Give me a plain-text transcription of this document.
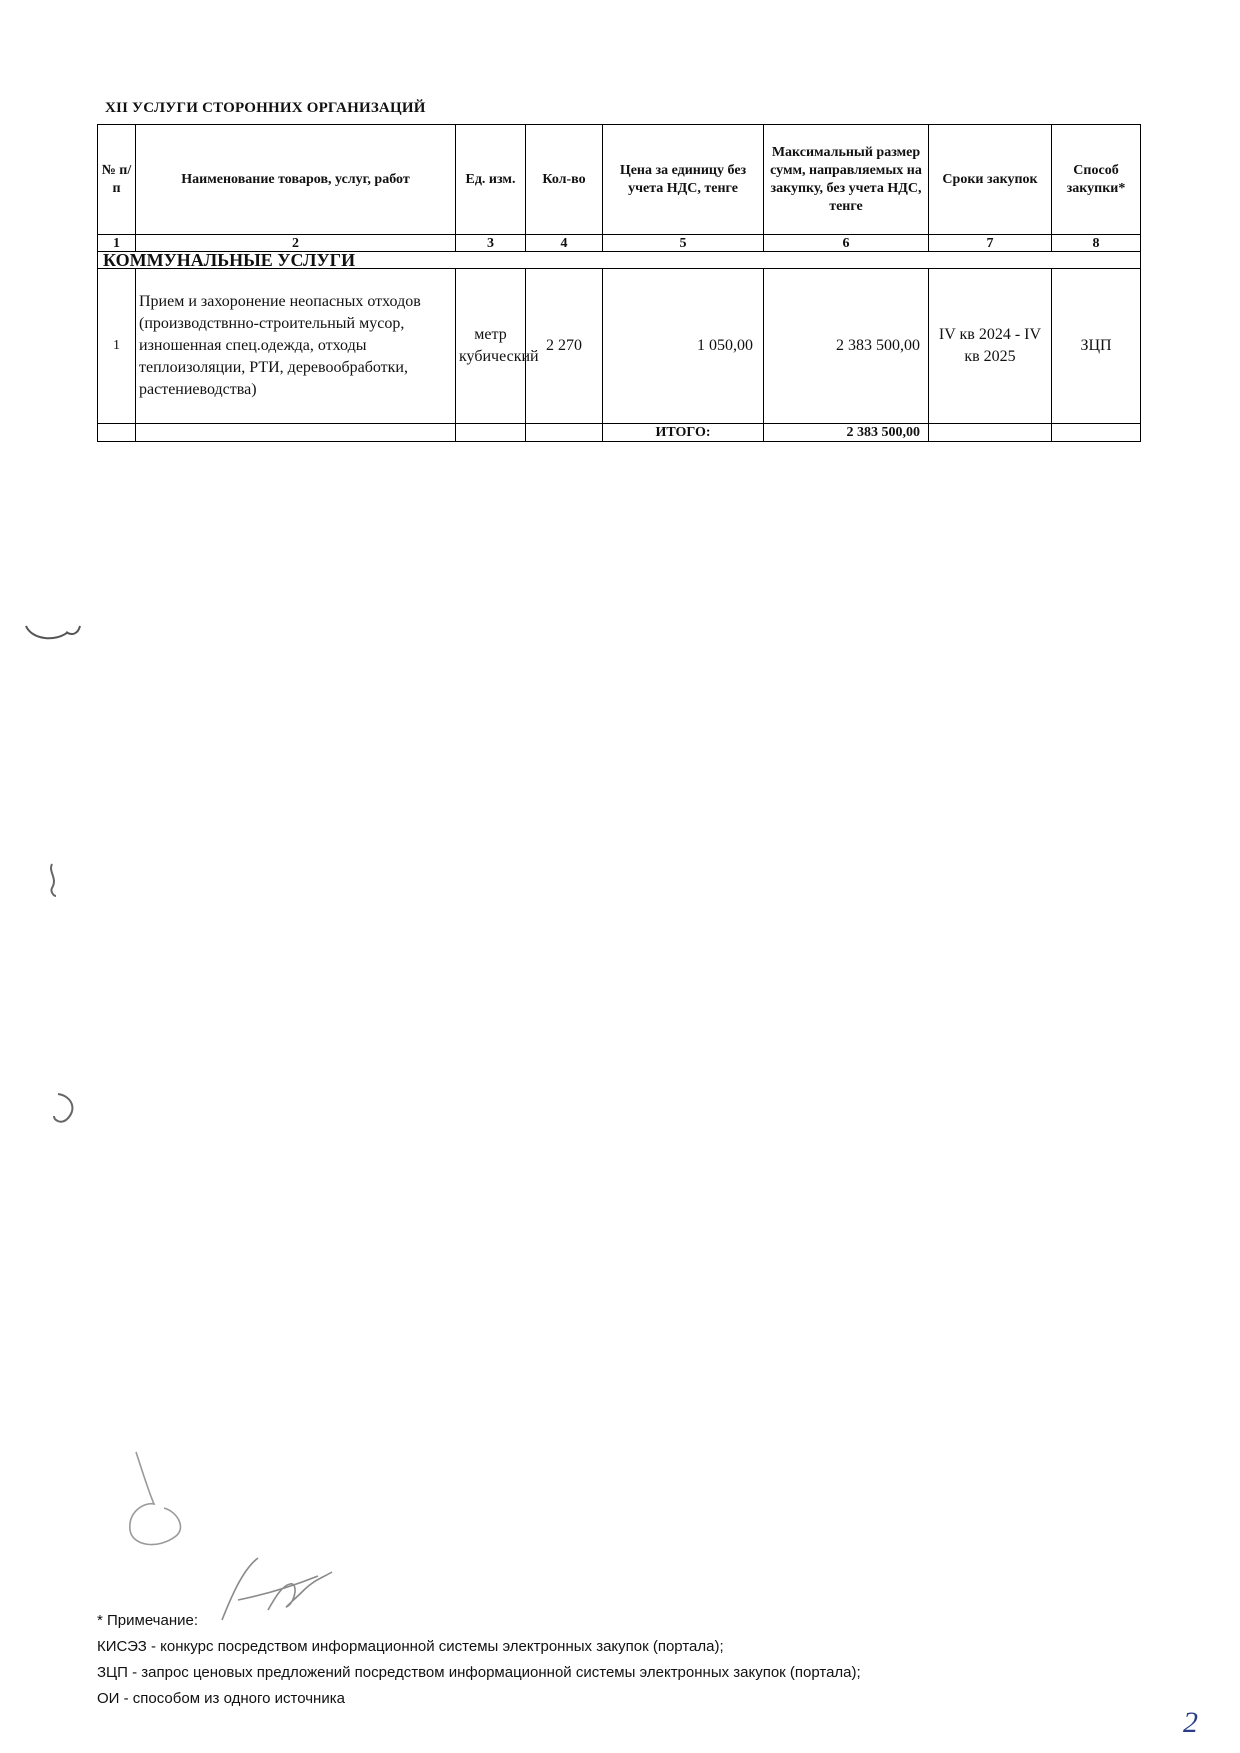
XII УСЛУГИ СТОРОННИХ ОРГАНИЗАЦИЙ
№ п/п	Наименование товаров, услуг, работ	Ед. изм.	Кол-во	Цена за единицу без учета НДС, тенге	Максимальный размер сумм, направляемых на закупку, без учета НДС, тенге	Сроки закупок	Способ закупки*
1	2	3	4	5	6	7	8
КОММУНАЛЬНЫЕ УСЛУГИ							
1	Прием и захоронение неопасных отходов (производствнно-строительный мусор, изношенная спец.одежда, отходы теплоизоляции, РТИ, деревообработки, растениеводства)	метр кубический	2 270	1 050,00	2 383 500,00	IV кв 2024 - IV кв 2025	ЗЦП
				ИТОГО:	2 383 500,00		
* Примечание:
КИСЭЗ - конкурс посредством информационной системы электронных закупок (портала);
ЗЦП - запрос ценовых предложений посредством информационной системы электронных закупок (портала);
ОИ - способом из одного источника
2
